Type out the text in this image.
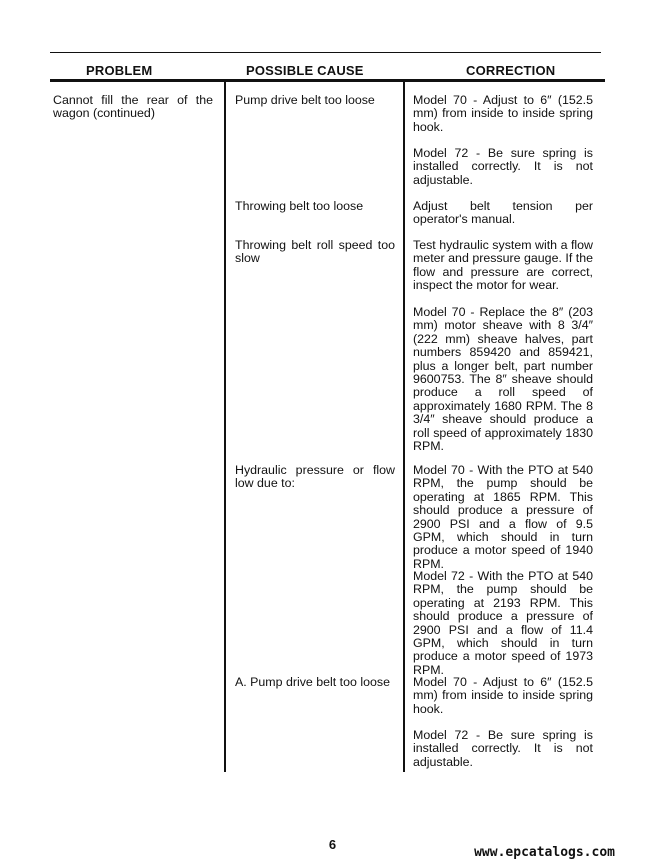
PROBLEM	POSSIBLE CAUSE	CORRECTION
Cannot fill the rear of the wagon (continued)
Pump drive belt too loose
Throwing belt too loose
Throwing belt roll speed too slow
Hydraulic pressure or flow low due to:
A. Pump drive belt too loose
Model 70 - Adjust to 6″ (152.5 mm) from inside to inside spring hook.
Model 72 - Be sure spring is installed correctly. It is not adjustable.
Adjust belt tension per operator's manual.
Test hydraulic system with a flow meter and pressure gauge. If the flow and pressure are correct, inspect the motor for wear.
Model 70 - Replace the 8″ (203 mm) motor sheave with 8 3/4″ (222 mm) sheave halves, part numbers 859420 and 859421, plus a longer belt, part number 9600753. The 8″ sheave should produce a roll speed of approximately 1680 RPM. The 8 3/4″ sheave should produce a roll speed of approximately 1830 RPM.
Model 70 - With the PTO at 540 RPM, the pump should be operating at 1865 RPM. This should produce a pressure of 2900 PSI and a flow of 9.5 GPM, which should in turn produce a motor speed of 1940 RPM.
Model 72 - With the PTO at 540 RPM, the pump should be operating at 2193 RPM. This should produce a pressure of 2900 PSI and a flow of 11.4 GPM, which should in turn produce a motor speed of 1973 RPM.
Model 70 - Adjust to 6″ (152.5 mm) from inside to inside spring hook.
Model 72 - Be sure spring is installed correctly. It is not adjustable.
6
www.epcatalogs.com
